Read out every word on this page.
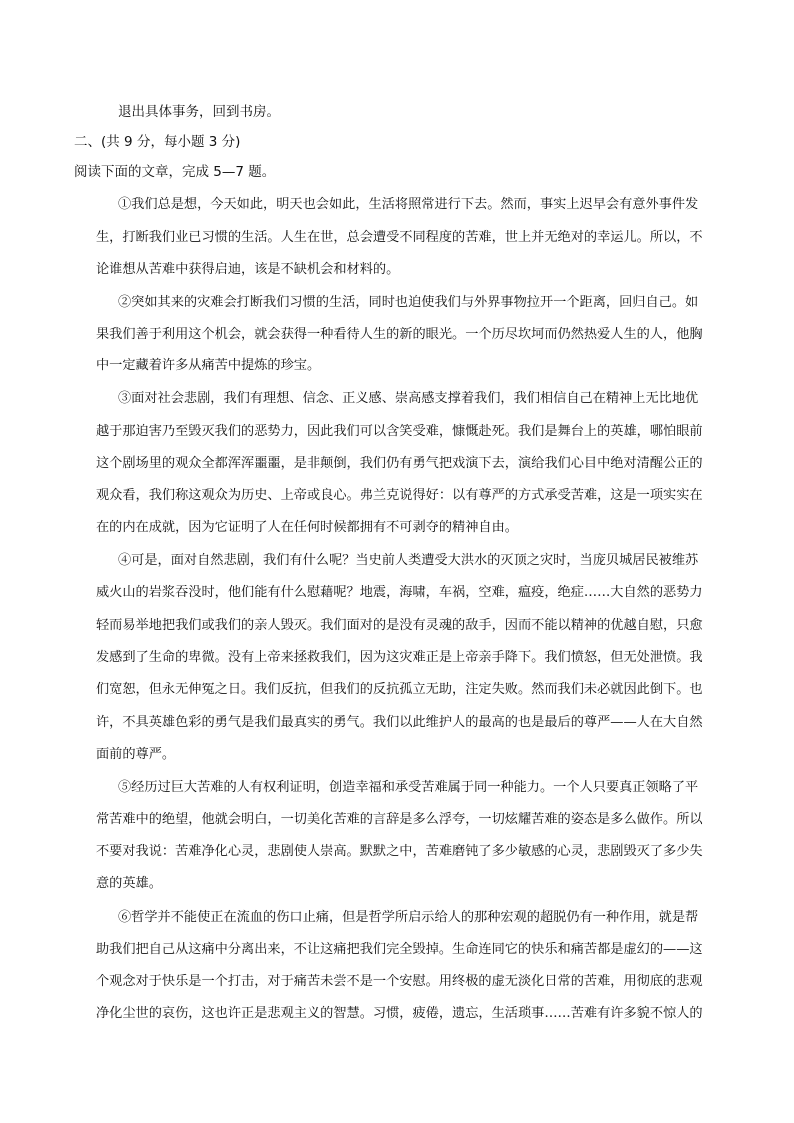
退出具体事务，回到书房。
二、(共 9 分，每小题 3 分)
阅读下面的文章，完成 5—7 题。
①我们总是想，今天如此，明天也会如此，生活将照常进行下去。然而，事实上迟早会有意外事件发
生，打断我们业已习惯的生活。人生在世，总会遭受不同程度的苦难，世上并无绝对的幸运儿。所以，不
论谁想从苦难中获得启迪，该是不缺机会和材料的。
②突如其来的灾难会打断我们习惯的生活，同时也迫使我们与外界事物拉开一个距离，回归自己。如
果我们善于利用这个机会，就会获得一种看待人生的新的眼光。一个历尽坎坷而仍然热爱人生的人，他胸
中一定藏着许多从痛苦中提炼的珍宝。
③面对社会悲剧，我们有理想、信念、正义感、崇高感支撑着我们，我们相信自己在精神上无比地优
越于那迫害乃至毁灭我们的恶势力，因此我们可以含笑受难，慷慨赴死。我们是舞台上的英雄，哪怕眼前
这个剧场里的观众全都浑浑噩噩，是非颠倒，我们仍有勇气把戏演下去，演给我们心目中绝对清醒公正的
观众看，我们称这观众为历史、上帝或良心。弗兰克说得好：以有尊严的方式承受苦难，这是一项实实在
在的内在成就，因为它证明了人在任何时候都拥有不可剥夺的精神自由。
④可是，面对自然悲剧，我们有什么呢？当史前人类遭受大洪水的灭顶之灾时，当庞贝城居民被维苏
威火山的岩浆吞没时，他们能有什么慰藉呢？地震，海啸，车祸，空难，瘟疫，绝症……大自然的恶势力
轻而易举地把我们或我们的亲人毁灭。我们面对的是没有灵魂的敌手，因而不能以精神的优越自慰，只愈
发感到了生命的卑微。没有上帝来拯救我们，因为这灾难正是上帝亲手降下。我们愤怒，但无处泄愤。我
们宽恕，但永无伸冤之日。我们反抗，但我们的反抗孤立无助，注定失败。然而我们未必就因此倒下。也
许，不具英雄色彩的勇气是我们最真实的勇气。我们以此维护人的最高的也是最后的尊严——人在大自然
面前的尊严。
⑤经历过巨大苦难的人有权利证明，创造幸福和承受苦难属于同一种能力。一个人只要真正领略了平
常苦难中的绝望，他就会明白，一切美化苦难的言辞是多么浮夸，一切炫耀苦难的姿态是多么做作。所以
不要对我说：苦难净化心灵，悲剧使人崇高。默默之中，苦难磨钝了多少敏感的心灵，悲剧毁灭了多少失
意的英雄。
⑥哲学并不能使正在流血的伤口止痛，但是哲学所启示给人的那种宏观的超脱仍有一种作用，就是帮
助我们把自己从这痛中分离出来，不让这痛把我们完全毁掉。生命连同它的快乐和痛苦都是虚幻的——这
个观念对于快乐是一个打击，对于痛苦未尝不是一个安慰。用终极的虚无淡化日常的苦难，用彻底的悲观
净化尘世的哀伤，这也许正是悲观主义的智慧。习惯，疲倦，遗忘，生活琐事……苦难有许多貌不惊人的
